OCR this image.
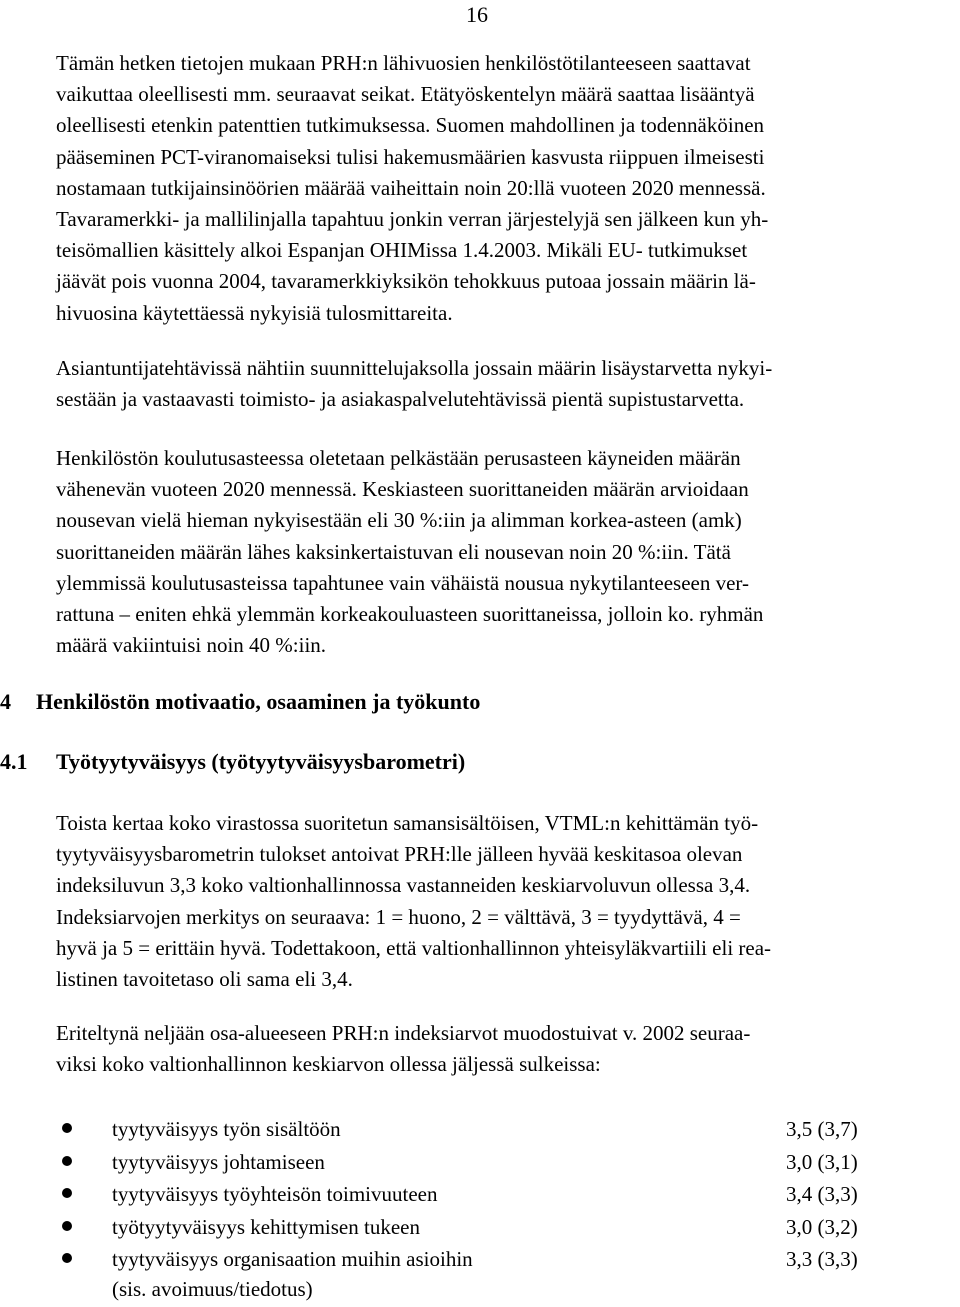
16
Tämän hetken tietojen mukaan PRH:n lähivuosien henkilöstötilanteeseen saattavat
vaikuttaa oleellisesti mm. seuraavat seikat. Etätyöskentelyn määrä saattaa lisääntyä
oleellisesti etenkin patenttien tutkimuksessa. Suomen mahdollinen ja todennäköinen
pääseminen PCT-viranomaiseksi tulisi hakemusmäärien kasvusta riippuen ilmeisesti
nostamaan tutkijainsinöörien määrää vaiheittain noin 20:llä vuoteen 2020 mennessä.
Tavaramerkki- ja mallilinjalla tapahtuu jonkin verran järjestelyjä sen jälkeen kun yh-
teisömallien käsittely alkoi Espanjan OHIMissa 1.4.2003. Mikäli EU- tutkimukset
jäävät pois vuonna 2004, tavaramerkkiyksikön tehokkuus putoaa jossain määrin lä-
hivuosina käytettäessä nykyisiä tulosmittareita.
Asiantuntijatehtävissä nähtiin suunnittelujaksolla jossain määrin lisäystarvetta nykyi-
sestään ja vastaavasti toimisto- ja asiakaspalvelutehtävissä pientä supistustarvetta.
Henkilöstön koulutusasteessa oletetaan pelkästään perusasteen käyneiden määrän
vähenevän vuoteen 2020 mennessä. Keskiasteen suorittaneiden määrän arvioidaan
nousevan vielä hieman nykyisestään eli 30 %:iin ja alimman korkea-asteen (amk)
suorittaneiden määrän lähes kaksinkertaistuvan eli nousevan noin 20 %:iin. Tätä
ylemmissä koulutusasteissa tapahtunee vain vähäistä nousua nykytilanteeseen ver-
rattuna – eniten ehkä ylemmän korkeakouluasteen suorittaneissa, jolloin ko. ryhmän
määrä vakiintuisi noin 40 %:iin.
4 Henkilöstön motivaatio, osaaminen ja työkunto
4.1 Työtyytyväisyys (työtyytyväisyysbarometri)
Toista kertaa koko virastossa suoritetun samansisältöisen, VTML:n kehittämän työ-
tyytyväisyysbarometrin tulokset antoivat PRH:lle jälleen hyvää keskitasoa olevan
indeksiluvun 3,3 koko valtionhallinnossa vastanneiden keskiarvoluvun ollessa 3,4.
Indeksiarvojen merkitys on seuraava: 1 = huono, 2 = välttävä, 3 = tyydyttävä, 4 =
hyvä ja 5 = erittäin hyvä. Todettakoon, että valtionhallinnon yhteisyläkvartiili eli rea-
listinen tavoitetaso oli sama eli 3,4.
Eriteltynä neljään osa-alueeseen PRH:n indeksiarvot muodostuivat v. 2002 seuraa-
viksi koko valtionhallinnon keskiarvon ollessa jäljessä sulkeissa:
tyytyväisyys työn sisältöön	3,5 (3,7)
tyytyväisyys johtamiseen	3,0 (3,1)
tyytyväisyys työyhteisön toimivuuteen	3,4 (3,3)
työtyytyväisyys kehittymisen tukeen	3,0 (3,2)
tyytyväisyys organisaation muihin asioihin	3,3 (3,3)
(sis. avoimuus/tiedotus)
